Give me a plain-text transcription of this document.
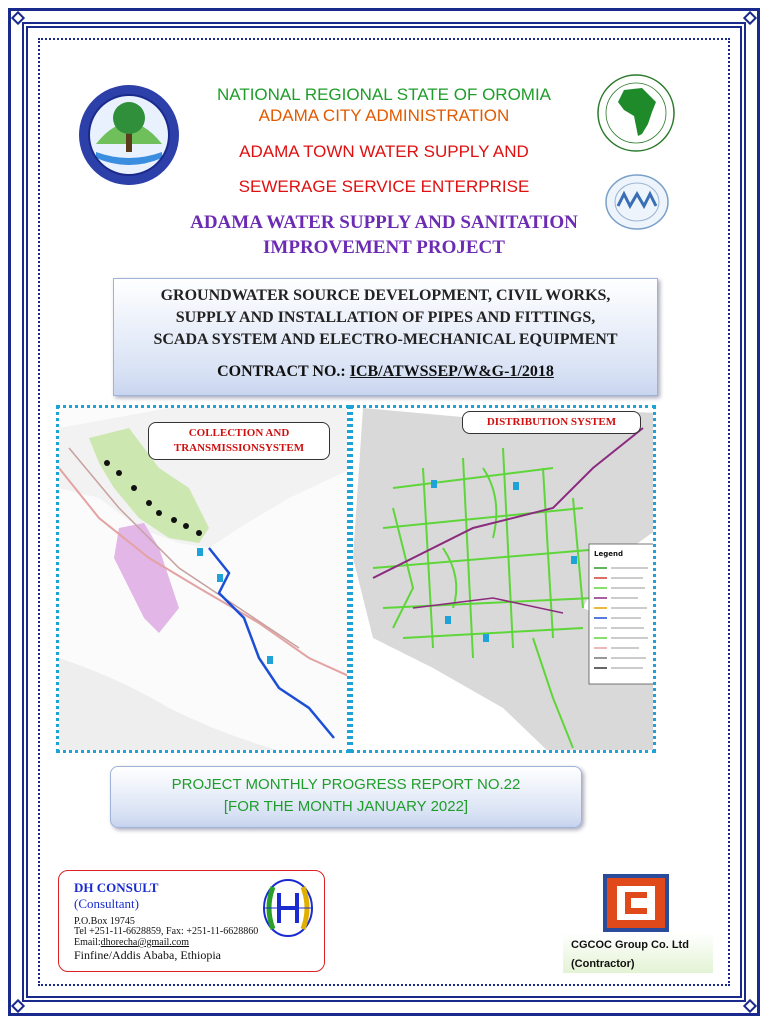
NATIONAL REGIONAL STATE OF OROMIA

ADAMA CITY ADMINISTRATION

ADAMA TOWN WATER SUPPLY AND

SEWERAGE SERVICE ENTERPRISE

ADAMA WATER SUPPLY AND SANITATION
IMPROVEMENT PROJECT
GROUNDWATER SOURCE DEVELOPMENT, CIVIL WORKS,
SUPPLY AND INSTALLATION OF PIPES AND FITTINGS,
SCADA SYSTEM AND ELECTRO-MECHANICAL EQUIPMENT
CONTRACT NO.: ICB/ATWSSEP/W&G-1/2018
Legend
COLLECTION AND
TRANSMISSIONSYSTEM
DISTRIBUTION SYSTEM
PROJECT MONTHLY PROGRESS REPORT NO.22
[FOR THE MONTH JANUARY 2022]
DH CONSULT
(Consultant)
P.O.Box 19745
Tel +251-11-6628859, Fax: +251-11-6628860
Email:dhorecha@gmail.com
Finfine/Addis Ababa, Ethiopia
CGCOC Group Co. Ltd
(Contractor)
